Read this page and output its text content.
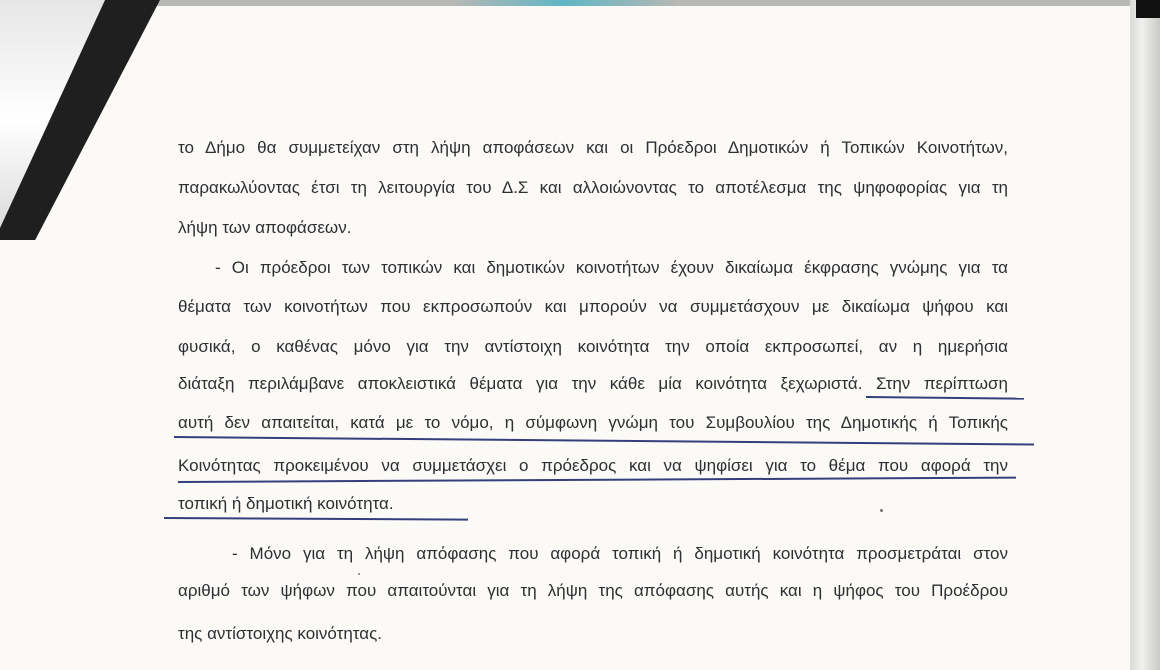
το Δήμο θα συμμετείχαν στη λήψη αποφάσεων και οι Πρόεδροι Δημοτικών ή Τοπικών Κοινοτήτων,

παρακωλύοντας έτσι τη λειτουργία του Δ.Σ και αλλοιώνοντας το αποτέλεσμα της ψηφοφορίας για τη

λήψη των αποφάσεων.

- Οι πρόεδροι των τοπικών και δημοτικών κοινοτήτων έχουν δικαίωμα έκφρασης γνώμης για τα

θέματα των κοινοτήτων που εκπροσωπούν και μπορούν να συμμετάσχουν με δικαίωμα ψήφου και

φυσικά, ο καθένας μόνο για την αντίστοιχη κοινότητα την οποία εκπροσωπεί, αν η ημερήσια

διάταξη περιλάμβανε αποκλειστικά θέματα για την κάθε μία κοινότητα ξεχωριστά. Στην περίπτωση

αυτή δεν απαιτείται, κατά με το νόμο, η σύμφωνη γνώμη του Συμβουλίου της Δημοτικής ή Τοπικής

Κοινότητας προκειμένου να συμμετάσχει ο πρόεδρος και να ψηφίσει για το θέμα που αφορά την

τοπική ή δημοτική κοινότητα.

- Μόνο για τη λήψη απόφασης που αφορά τοπική ή δημοτική κοινότητα προσμετράται στον

αριθμό των ψήφων που απαιτούνται για τη λήψη της απόφασης αυτής και η ψήφος του Προέδρου

της αντίστοιχης κοινότητας.
